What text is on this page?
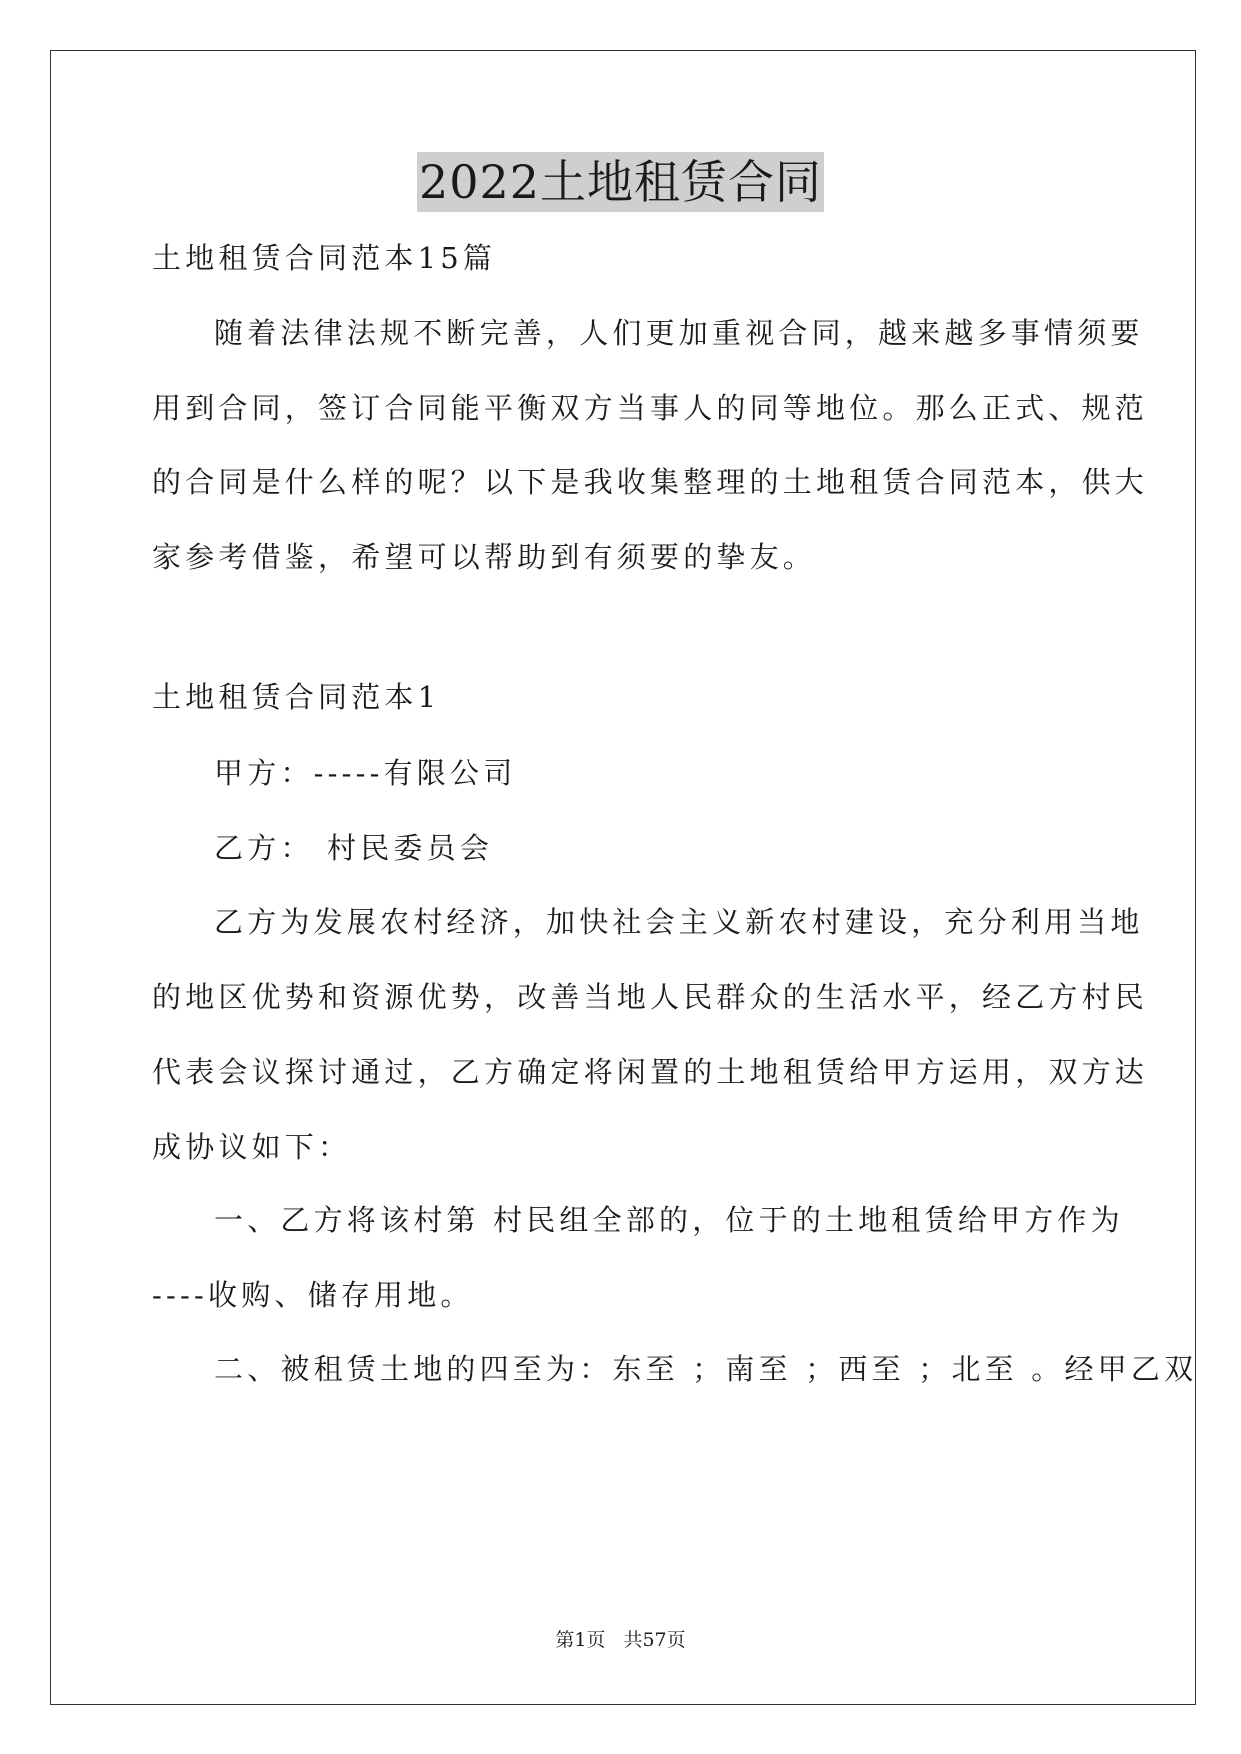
2022土地租赁合同
土地租赁合同范本15篇
随着法律法规不断完善，人们更加重视合同，越来越多事情须要
用到合同，签订合同能平衡双方当事人的同等地位。那么正式、规范
的合同是什么样的呢？以下是我收集整理的土地租赁合同范本，供大
家参考借鉴，希望可以帮助到有须要的挚友。
土地租赁合同范本1
甲方：-----有限公司
乙方： 村民委员会
乙方为发展农村经济，加快社会主义新农村建设，充分利用当地
的地区优势和资源优势，改善当地人民群众的生活水平，经乙方村民
代表会议探讨通过，乙方确定将闲置的土地租赁给甲方运用，双方达
成协议如下：
一、乙方将该村第 村民组全部的，位于的土地租赁给甲方作为
----收购、储存用地。
二、被租赁土地的四至为：东至 ；南至 ；西至 ；北至 。经甲乙双
第1页 共57页
